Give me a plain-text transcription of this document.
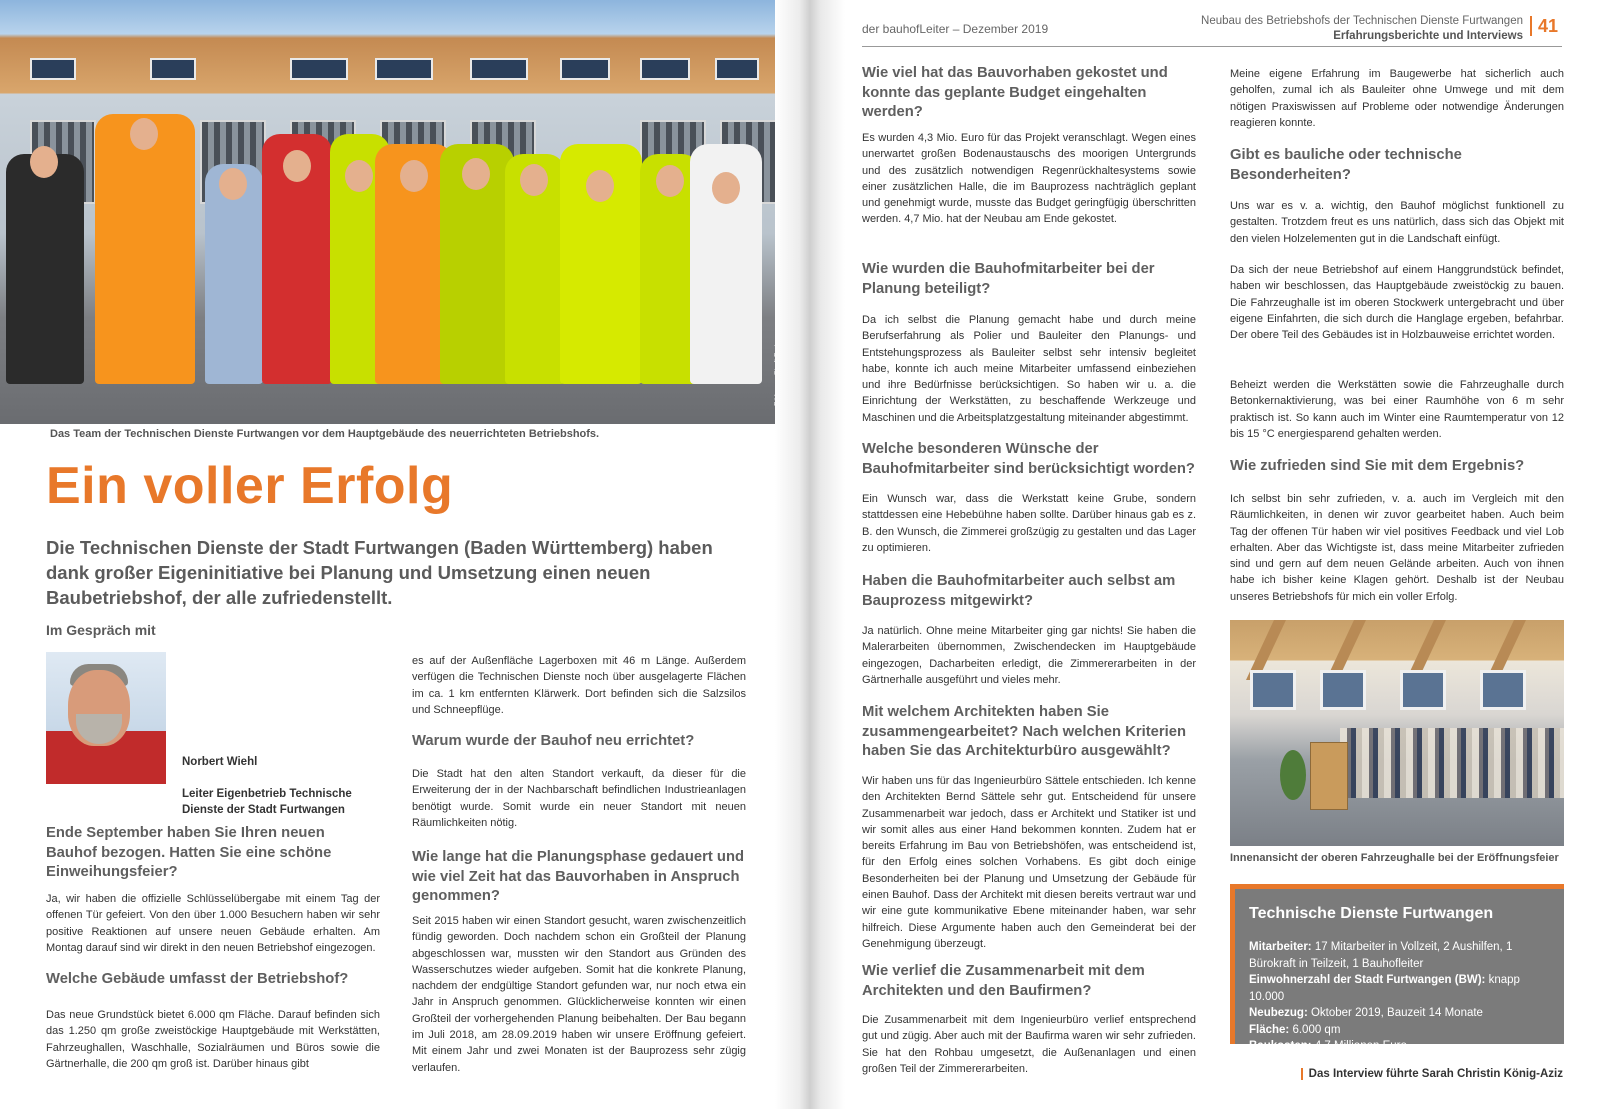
Das Team der Technischen Dienste Furtwangen vor dem Hauptgebäude des neuerrichteten Betriebshofs.
Ein voller Erfolg

Die Technischen Dienste der Stadt Furtwangen (Baden Württemberg) haben dank großer Eigeninitiative bei Planung und Umsetzung einen neuen Baubetriebshof, der alle zufriedenstellt.

Im Gespräch mit
Norbert Wiehl
Leiter Eigenbetrieb Technische Dienste der Stadt Furtwangen

Ende September haben Sie Ihren neuen Bauhof bezogen. Hatten Sie eine schöne Einweihungsfeier?

Ja, wir haben die offizielle Schlüsselübergabe mit einem Tag der offenen Tür gefeiert. Von den über 1.000 Besuchern haben wir sehr positive Reaktionen auf unsere neuen Gebäude erhalten. Am Montag darauf sind wir direkt in den neuen Betriebshof eingezogen.

Welche Gebäude umfasst der Betriebshof?

Das neue Grundstück bietet 6.000 qm Fläche. Darauf befinden sich das 1.250 qm große zweistöckige Hauptgebäude mit Werkstätten, Fahrzeughallen, Waschhalle, Sozialräumen und Büros sowie die Gärtnerhalle, die 200 qm groß ist. Darüber hinaus gibt

es auf der Außenfläche Lagerboxen mit 46 m Länge. Außerdem verfügen die Technischen Dienste noch über ausgelagerte Flächen im ca. 1 km entfernten Klärwerk. Dort befinden sich die Salzsilos und Schneepflüge.

Warum wurde der Bauhof neu errichtet?

Die Stadt hat den alten Standort verkauft, da dieser für die Erweiterung der in der Nachbarschaft befindlichen Industrieanlagen benötigt wurde. Somit wurde ein neuer Standort mit neuen Räumlichkeiten nötig.

Wie lange hat die Planungsphase gedauert und wie viel Zeit hat das Bauvorhaben in Anspruch genommen?

Seit 2015 haben wir einen Standort gesucht, waren zwischenzeitlich fündig geworden. Doch nachdem schon ein Großteil der Planung abgeschlossen war, mussten wir den Standort aus Gründen des Wasserschutzes wieder aufgeben. Somit hat die konkrete Planung, nachdem der endgültige Standort gefunden war, nur noch etwa ein Jahr in Anspruch genommen. Glücklicherweise konnten wir einen Großteil der vorhergehenden Planung beibehalten. Der Bau begann im Juli 2018, am 28.09.2019 haben wir unsere Eröffnung gefeiert. Mit einem Jahr und zwei Monaten ist der Bauprozess sehr zügig verlaufen.

der bauhofLeiter – Dezember 2019
Neubau des Betriebshofs der Technischen Dienste Furtwangen
Erfahrungsberichte und Interviews 41

Wie viel hat das Bauvorhaben gekostet und konnte das geplante Budget eingehalten werden?

Es wurden 4,3 Mio. Euro für das Projekt veranschlagt. Wegen eines unerwartet großen Bodenaustauschs des moorigen Untergrunds und des zusätzlich notwendigen Regenrückhaltesystems sowie einer zusätzlichen Halle, die im Bauprozess nachträglich geplant und genehmigt wurde, musste das Budget geringfügig überschritten werden. 4,7 Mio. hat der Neubau am Ende gekostet.

Wie wurden die Bauhofmitarbeiter bei der Planung beteiligt?

Da ich selbst die Planung gemacht habe und durch meine Berufserfahrung als Polier und Bauleiter den Planungs- und Entstehungsprozess als Bauleiter selbst sehr intensiv begleitet habe, konnte ich auch meine Mitarbeiter umfassend einbeziehen und ihre Bedürfnisse berücksichtigen. So haben wir u. a. die Einrichtung der Werkstätten, zu beschaffende Werkzeuge und Maschinen und die Arbeitsplatzgestaltung miteinander abgestimmt.

Welche besonderen Wünsche der Bauhofmitarbeiter sind berücksichtigt worden?

Ein Wunsch war, dass die Werkstatt keine Grube, sondern stattdessen eine Hebebühne haben sollte. Darüber hinaus gab es z. B. den Wunsch, die Zimmerei großzügig zu gestalten und das Lager zu optimieren.

Haben die Bauhofmitarbeiter auch selbst am Bauprozess mitgewirkt?

Ja natürlich. Ohne meine Mitarbeiter ging gar nichts! Sie haben die Malerarbeiten übernommen, Zwischendecken im Hauptgebäude eingezogen, Dacharbeiten erledigt, die Zimmererarbeiten in der Gärtnerhalle ausgeführt und vieles mehr.

Mit welchem Architekten haben Sie zusammengearbeitet? Nach welchen Kriterien haben Sie das Architekturbüro ausgewählt?

Wir haben uns für das Ingenieurbüro Sättele entschieden. Ich kenne den Architekten Bernd Sättele sehr gut. Entscheidend für unsere Zusammenarbeit war jedoch, dass er Architekt und Statiker ist und wir somit alles aus einer Hand bekommen konnten. Zudem hat er bereits Erfahrung im Bau von Betriebshöfen, was entscheidend ist, für den Erfolg eines solchen Vorhabens. Es gibt doch einige Besonderheiten bei der Planung und Umsetzung der Gebäude für einen Bauhof. Dass der Architekt mit diesen bereits vertraut war und wir eine gute kommunikative Ebene miteinander haben, war sehr hilfreich. Diese Argumente haben auch den Gemeinderat bei der Genehmigung überzeugt.

Wie verlief die Zusammenarbeit mit dem Architekten und den Baufirmen?

Die Zusammenarbeit mit dem Ingenieurbüro verlief entsprechend gut und zügig. Aber auch mit der Baufirma waren wir sehr zufrieden. Sie hat den Rohbau umgesetzt, die Außenanlagen und einen großen Teil der Zimmererarbeiten.

Meine eigene Erfahrung im Baugewerbe hat sicherlich auch geholfen, zumal ich als Bauleiter ohne Umwege und mit dem nötigen Praxiswissen auf Probleme oder notwendige Änderungen reagieren konnte.

Gibt es bauliche oder technische Besonderheiten?

Uns war es v. a. wichtig, den Bauhof möglichst funktionell zu gestalten. Trotzdem freut es uns natürlich, dass sich das Objekt mit den vielen Holzelementen gut in die Landschaft einfügt.

Da sich der neue Betriebshof auf einem Hanggrundstück befindet, haben wir beschlossen, das Hauptgebäude zweistöckig zu bauen. Die Fahrzeughalle ist im oberen Stockwerk untergebracht und über eigene Einfahrten, die sich durch die Hanglage ergeben, befahrbar. Der obere Teil des Gebäudes ist in Holzbauweise errichtet worden.

Beheizt werden die Werkstätten sowie die Fahrzeughalle durch Betonkernaktivierung, was bei einer Raumhöhe von 6 m sehr praktisch ist. So kann auch im Winter eine Raumtemperatur von 12 bis 15 °C energiesparend gehalten werden.

Wie zufrieden sind Sie mit dem Ergebnis?

Ich selbst bin sehr zufrieden, v. a. auch im Vergleich mit den Räumlichkeiten, in denen wir zuvor gearbeitet haben. Auch beim Tag der offenen Tür haben wir viel positives Feedback und viel Lob erhalten. Aber das Wichtigste ist, dass meine Mitarbeiter zufrieden sind und gern auf dem neuen Gelände arbeiten. Auch von ihnen habe ich bisher keine Klagen gehört. Deshalb ist der Neubau unseres Betriebshofs für mich ein voller Erfolg.

Innenansicht der oberen Fahrzeughalle bei der Eröffnungsfeier
Technische Dienste Furtwangen
Mitarbeiter: 17 Mitarbeiter in Vollzeit, 2 Aushilfen, 1 Bürokraft in Teilzeit, 1 Bauhofleiter
Einwohnerzahl der Stadt Furtwangen (BW): knapp 10.000
Neubezug: Oktober 2019, Bauzeit 14 Monate
Fläche: 6.000 qm
Baukosten: 4,7 Millionen Euro
Das Interview führte Sarah Christin König-Aziz
